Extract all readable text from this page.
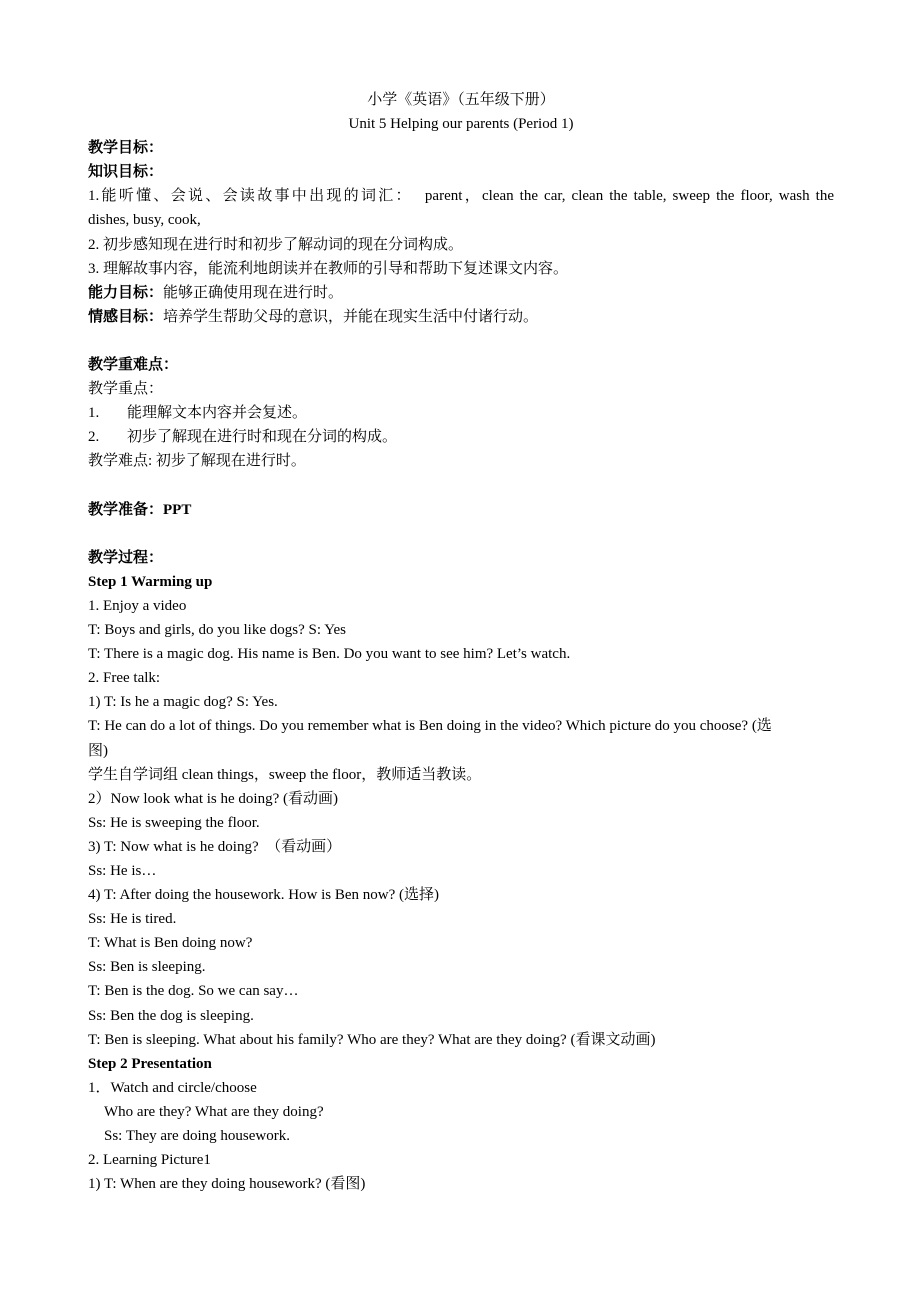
小学《英语》（五年级下册）
Unit 5 Helping our parents (Period 1)
教学目标：
知识目标：
1.能听懂、会说、会读故事中出现的词汇：  parent，clean the car, clean the table, sweep the floor, wash the
dishes, busy, cook,
2. 初步感知现在进行时和初步了解动词的现在分词构成。
3. 理解故事内容，能流利地朗读并在教师的引导和帮助下复述课文内容。
能力目标：能够正确使用现在进行时。
情感目标：培养学生帮助父母的意识，并能在现实生活中付诸行动。
教学重难点：
教学重点：
1. 能理解文本内容并会复述。
2. 初步了解现在进行时和现在分词的构成。
教学难点: 初步了解现在进行时。
教学准备：PPT
教学过程：
Step 1 Warming up
1. Enjoy a video
T: Boys and girls, do you like dogs? S: Yes
T: There is a magic dog. His name is Ben. Do you want to see him? Let’s watch.
2. Free talk:
1) T: Is he a magic dog? S: Yes.
T: He can do a lot of things. Do you remember what is Ben doing in the video? Which picture do you choose? (选
图)
学生自学词组 clean things，sweep the floor，教师适当教读。
2）Now look what is he doing? (看动画)
Ss: He is sweeping the floor.
3) T: Now what is he doing?  （看动画）
Ss: He is…
4) T: After doing the housework. How is Ben now? (选择)
Ss: He is tired.
T: What is Ben doing now?
Ss: Ben is sleeping.
T: Ben is the dog. So we can say…
Ss: Ben the dog is sleeping.
T: Ben is sleeping. What about his family? Who are they? What are they doing? (看课文动画)
Step 2 Presentation
1．Watch and circle/choose
Who are they? What are they doing?
Ss: They are doing housework.
2. Learning Picture1
1) T: When are they doing housework? (看图)
